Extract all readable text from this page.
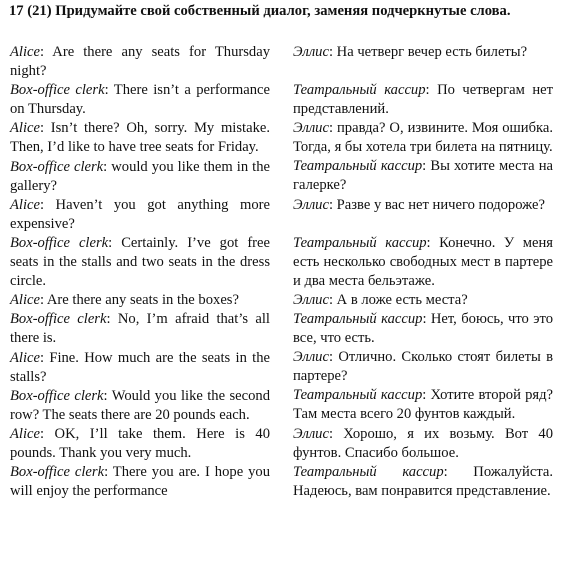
17 (21) Придумайте свой собственный диалог, заменяя подчеркнутые слова.
Alice: Are there any seats for Thursday night?
Box-office clerk: There isn’t a performance on Thursday.
Alice: Isn’t there? Oh, sorry. My mistake. Then, I’d like to have tree seats for Friday.
Box-office clerk: would you like them in the gallery?
Alice: Haven’t you got anything more expensive?
Box-office clerk: Certainly. I’ve got free seats in the stalls and two seats in the dress circle.
Alice: Are there any seats in the boxes?
Box-office clerk: No, I’m afraid that’s all there is.
Alice: Fine. How much are the seats in the stalls?
Box-office clerk: Would you like the second row? The seats there are 20 pounds each.
Alice: OK, I’ll take them. Here is 40 pounds. Thank you very much.
Box-office clerk: There you are. I hope you will enjoy the performance
Эллис: На четверг вечер есть билеты?
Театральный кассир: По четвергам нет представлений.
Эллис: правда? О, извините. Моя ошибка. Тогда, я бы хотела три билета на пятницу.
Театральный кассир: Вы хотите места на галерке?
Эллис: Разве у вас нет ничего подороже?
Театральный кассир: Конечно. У меня есть несколько свободных мест в партере и два места бельэтаже.
Эллис: А в ложе есть места?
Театральный кассир: Нет, боюсь, что это все, что есть.
Эллис: Отлично. Сколько стоят билеты в партере?
Театральный кассир: Хотите второй ряд? Там места всего 20 фунтов каждый.
Эллис: Хорошо, я их возьму. Вот 40 фунтов. Спасибо большое.
Театральный кассир: Пожалуйста. Надеюсь, вам понравится представление.
